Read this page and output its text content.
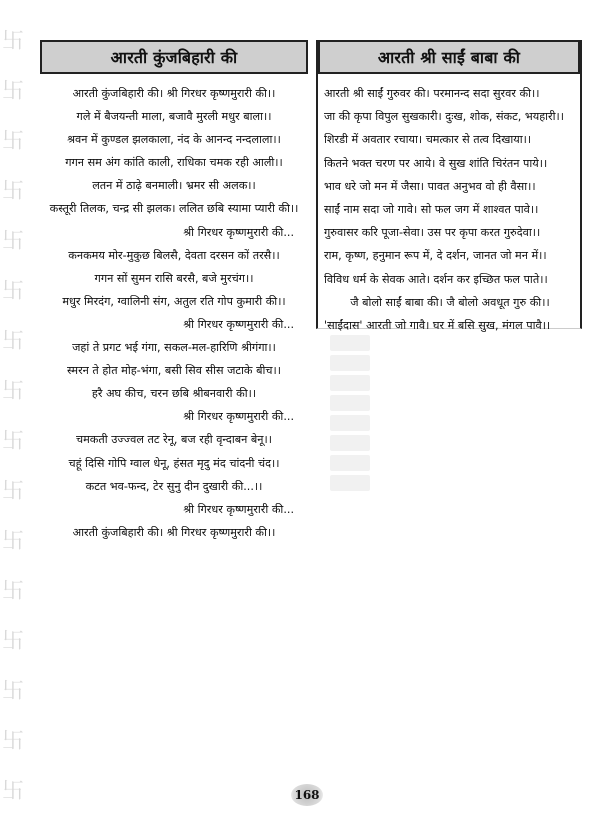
卐
卐
卐
卐
卐
卐
卐
卐
卐
卐
卐
卐
卐
卐
卐
卐
आरती कुंजबिहारी की
आरती कुंजबिहारी की। श्री गिरधर कृष्णमुरारी की।।
गले में बैजयन्ती माला, बजावै मुरली मधुर बाला।।
श्रवन में कुण्डल झलकाला, नंद के आनन्द नन्दलाला।।
गगन सम अंग कांति काली, राधिका चमक रही आली।।
लतन में ठाढ़े बनमाली। भ्रमर सी अलक।।
कस्तूरी तिलक, चन्द्र सी झलक। ललित छबि स्यामा प्यारी की।।
श्री गिरधर कृष्णमुरारी की...
कनकमय मोर-मुकुछ बिलसै, देवता दरसन कों तरसै।।
गगन सों सुमन रासि बरसै, बजे मुरचंग।।
मधुर मिरदंग, ग्वालिनी संग, अतुल रति गोप कुमारी की।।
श्री गिरधर कृष्णमुरारी की...
जहां ते प्रगट भई गंगा, सकल-मल-हारिणि श्रीगंगा।।
स्मरन ते होत मोह-भंगा, बसी सिव सीस जटाके बीच।।
हरै अघ कीच, चरन छबि श्रीबनवारी की।।
श्री गिरधर कृष्णमुरारी की...
चमकती उज्ज्वल तट रेनू, बज रही वृन्दाबन बेनू।।
चहूं दिसि गोपि ग्वाल धेनू, हंसत मृदु मंद चांदनी चंद।।
कटत भव-फन्द, टेर सुनु दीन दुखारी की...।।
श्री गिरधर कृष्णमुरारी की...
आरती कुंजबिहारी की। श्री गिरधर कृष्णमुरारी की।।
आरती श्री साईं बाबा की
आरती श्री साईं गुरुवर की। परमानन्द सदा सुरवर की।।
जा की कृपा विपुल सुखकारी। दुःख, शोक, संकट, भयहारी।।
शिरडी में अवतार रचाया। चमत्कार से तत्व दिखाया।।
कितने भक्त चरण पर आये। वे सुख शांति चिरंतन पाये।।
भाव धरे जो मन में जैसा। पावत अनुभव वो ही वैसा।।
साईं नाम सदा जो गावे। सो फल जग में शाश्वत पावे।।
गुरुवासर करि पूजा-सेवा। उस पर कृपा करत गुरुदेवा।।
राम, कृष्ण, हनुमान रूप में, दे दर्शन, जानत जो मन में।।
विविध धर्म के सेवक आते। दर्शन कर इच्छित फल पाते।।
जै बोलो साईं बाबा की। जै बोलो अवधूत गुरु की।।
'साईंदास' आरती जो गावै। घर में बसि सुख, मंगल पावै।।
168
